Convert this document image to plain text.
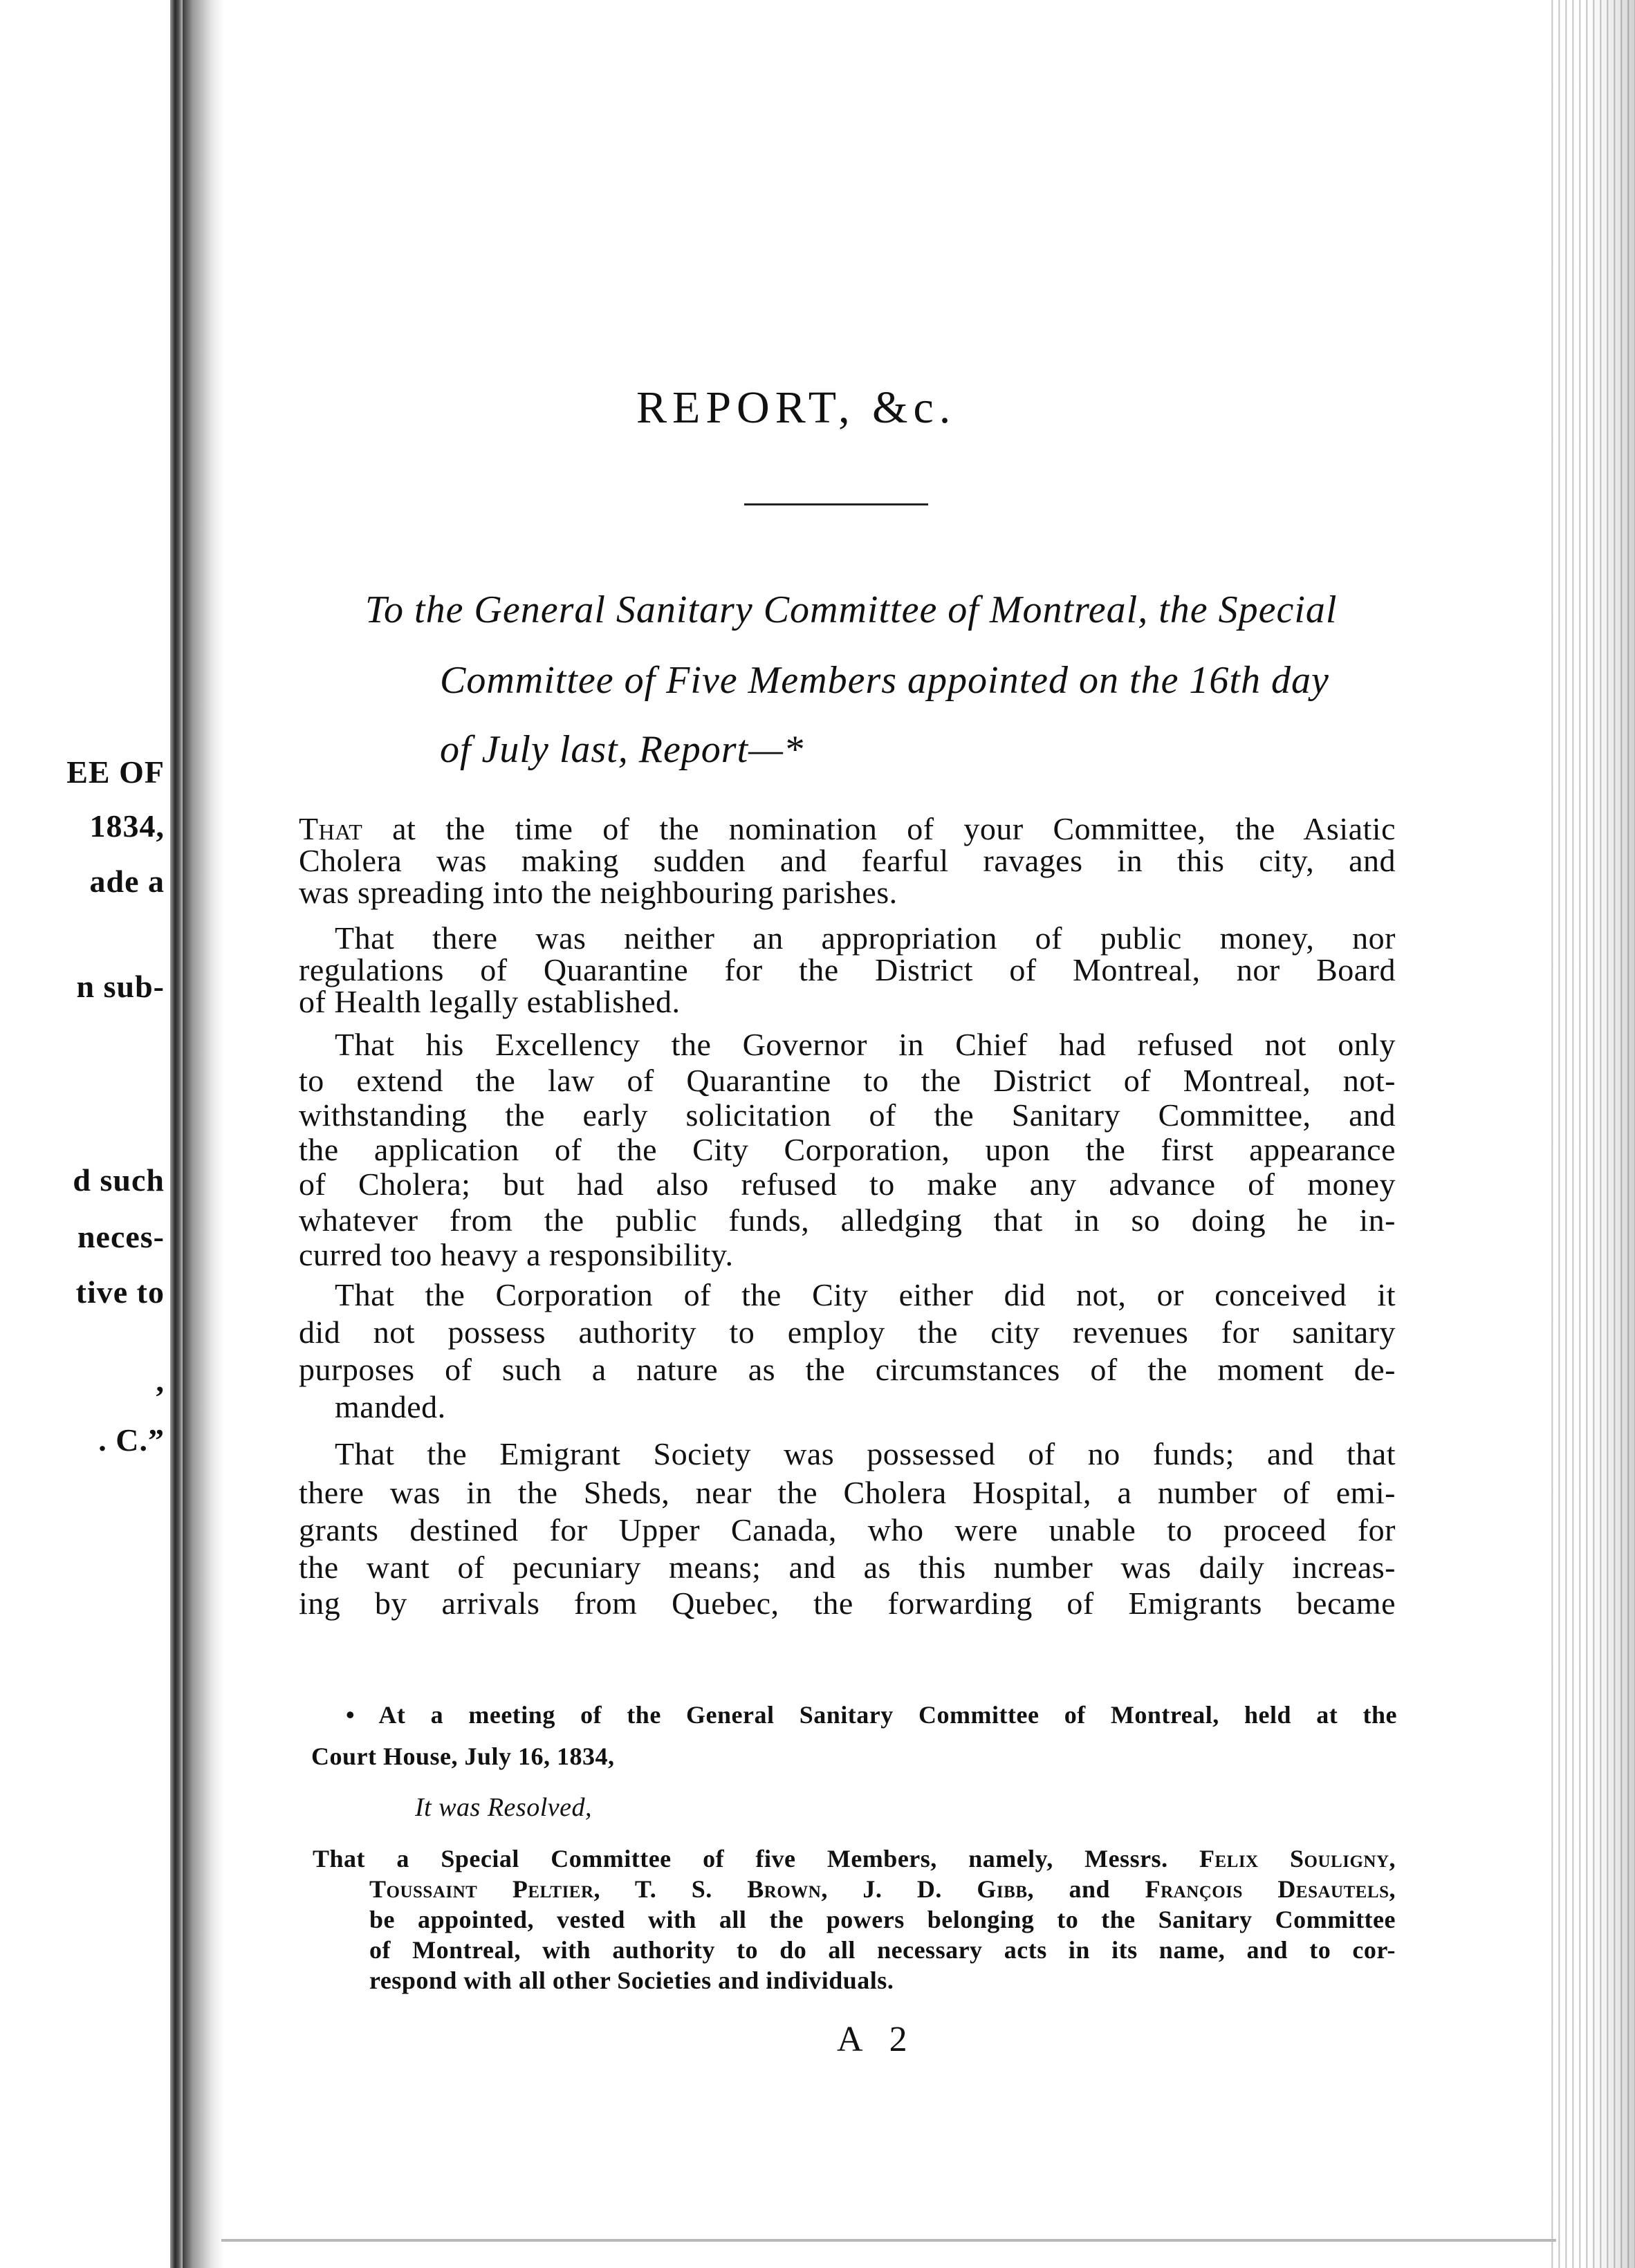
EE OF
1834,
ade a
n sub-
d such
neces-
tive to
,
. C.”
REPORT, &c.
To the General Sanitary Committee of Montreal, the Special
Committee of Five Members appointed on the 16th day
of July last, Report—*
That at the time of the nomination of your Committee, the Asiatic
Cholera was making sudden and fearful ravages in this city, and
was spreading into the neighbouring parishes.
That there was neither an appropriation of public money, nor
regulations of Quarantine for the District of Montreal, nor Board
of Health legally established.
That his Excellency the Governor in Chief had refused not only
to extend the law of Quarantine to the District of Montreal, not-
withstanding the early solicitation of the Sanitary Committee, and
the application of the City Corporation, upon the first appearance
of Cholera; but had also refused to make any advance of money
whatever from the public funds, alledging that in so doing he in-
curred too heavy a responsibility.
That the Corporation of the City either did not, or conceived it
did not possess authority to employ the city revenues for sanitary
purposes of such a nature as the circumstances of the moment de-
manded.
That the Emigrant Society was possessed of no funds; and that
there was in the Sheds, near the Cholera Hospital, a number of emi-
grants destined for Upper Canada, who were unable to proceed for
the want of pecuniary means; and as this number was daily increas-
ing by arrivals from Quebec, the forwarding of Emigrants became
• At a meeting of the General Sanitary Committee of Montreal, held at the
Court House, July 16, 1834,
It was Resolved,
That a Special Committee of five Members, namely, Messrs. Felix Souligny,
Toussaint Peltier, T. S. Brown, J. D. Gibb, and François Desautels,
be appointed, vested with all the powers belonging to the Sanitary Committee
of Montreal, with authority to do all necessary acts in its name, and to cor-
respond with all other Societies and individuals.
A 2
